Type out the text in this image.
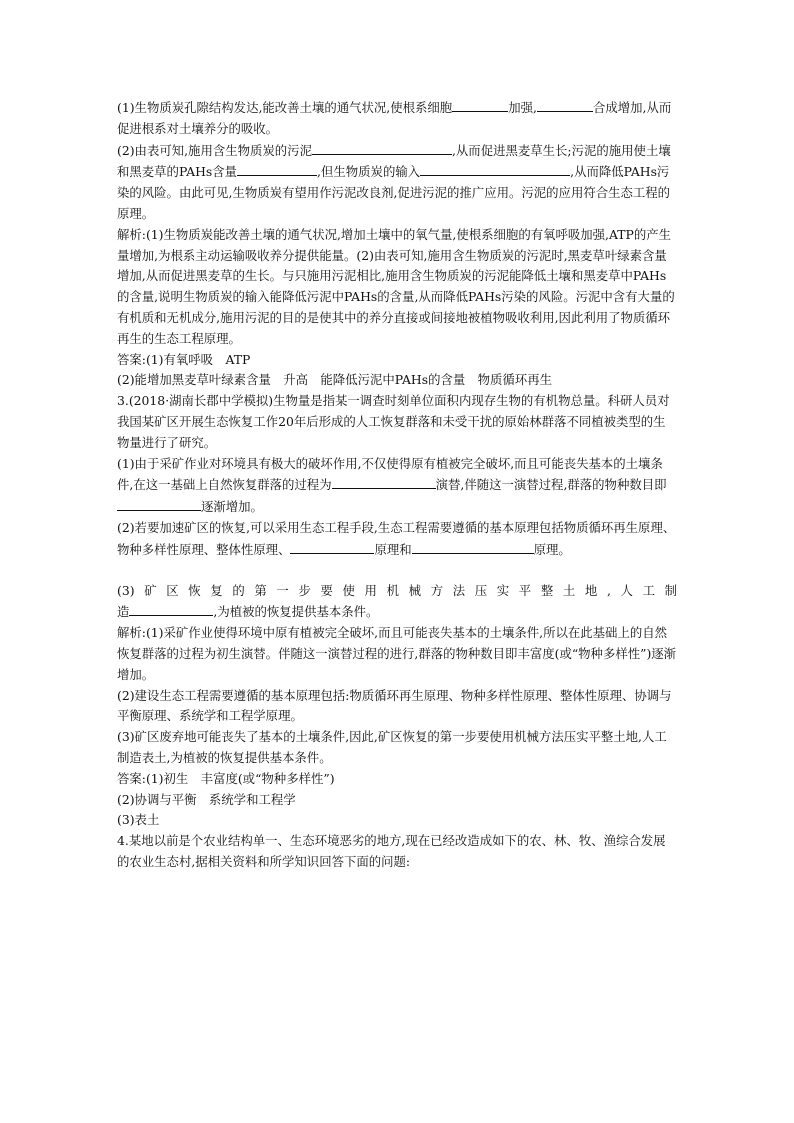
(1)生物质炭孔隙结构发达,能改善土壤的通气状况,使根系细胞	加强,	合成增加,从而促进根系对土壤养分的吸收。

(2)由表可知,施用含生物质炭的污泥	,从而促进黑麦草生长;污泥的施用使土壤和黑麦草的PAHs含量	,但生物质炭的输入	,从而降低PAHs污染的风险。由此可见,生物质炭有望用作污泥改良剂,促进污泥的推广应用。污泥的应用符合生态工程的原理。

解析:(1)生物质炭能改善土壤的通气状况,增加土壤中的氧气量,使根系细胞的有氧呼吸加强,ATP的产生量增加,为根系主动运输吸收养分提供能量。(2)由表可知,施用含生物质炭的污泥时,黑麦草叶绿素含量增加,从而促进黑麦草的生长。与只施用污泥相比,施用含生物质炭的污泥能降低土壤和黑麦草中PAHs的含量,说明生物质炭的输入能降低污泥中PAHs的含量,从而降低PAHs污染的风险。污泥中含有大量的有机质和无机成分,施用污泥的目的是使其中的养分直接或间接地被植物吸收利用,因此利用了物质循环再生的生态工程原理。

答案:(1)有氧呼吸　ATP

(2)能增加黑麦草叶绿素含量　升高　能降低污泥中PAHs的含量　物质循环再生

3.(2018·湖南长郡中学模拟)生物量是指某一调查时刻单位面积内现存生物的有机物总量。科研人员对我国某矿区开展生态恢复工作20年后形成的人工恢复群落和未受干扰的原始林群落不同植被类型的生物量进行了研究。

(1)由于采矿作业对环境具有极大的破坏作用,不仅使得原有植被完全破坏,而且可能丧失基本的土壤条件,在这一基础上自然恢复群落的过程为	演替,伴随这一演替过程,群落的物种数目即逐渐增加。

(2)若要加速矿区的恢复,可以采用生态工程手段,生态工程需要遵循的基本原理包括物质循环再生原理、物种多样性原理、整体性原理、	原理和	原理。

(3)矿区恢复的第一步要使用机械方法压实平整土地,人工制

造	,为植被的恢复提供基本条件。

解析:(1)采矿作业使得环境中原有植被完全破坏,而且可能丧失基本的土壤条件,所以在此基础上的自然恢复群落的过程为初生演替。伴随这一演替过程的进行,群落的物种数目即丰富度(或“物种多样性”)逐渐增加。

(2)建设生态工程需要遵循的基本原理包括:物质循环再生原理、物种多样性原理、整体性原理、协调与平衡原理、系统学和工程学原理。

(3)矿区废弃地可能丧失了基本的土壤条件,因此,矿区恢复的第一步要使用机械方法压实平整土地,人工制造表土,为植被的恢复提供基本条件。

答案:(1)初生　丰富度(或“物种多样性”)

(2)协调与平衡　系统学和工程学

(3)表土

4.某地以前是个农业结构单一、生态环境恶劣的地方,现在已经改造成如下的农、林、牧、渔综合发展的农业生态村,据相关资料和所学知识回答下面的问题:
